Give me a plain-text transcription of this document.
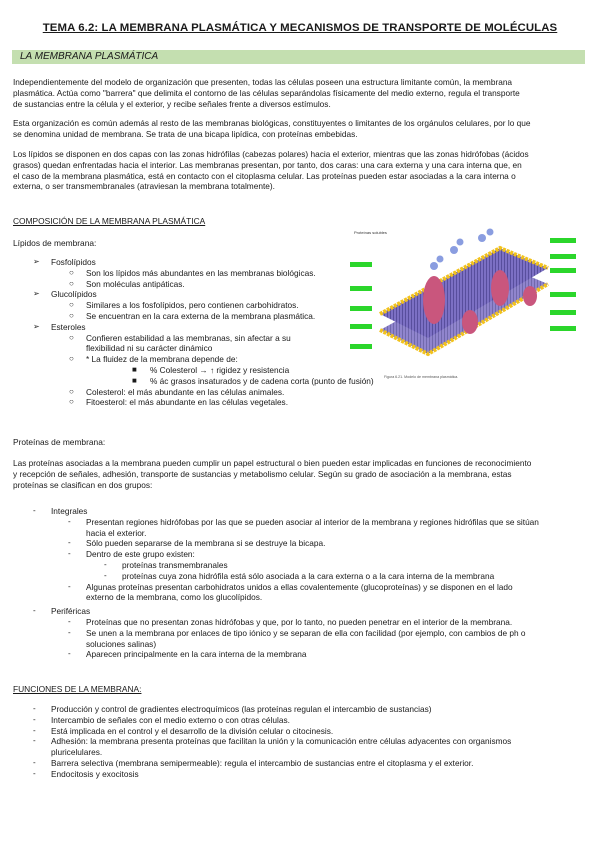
TEMA 6.2: LA MEMBRANA PLASMÁTICA Y MECANISMOS DE TRANSPORTE DE MOLÉCULAS
LA MEMBRANA PLASMÁTICA
Independientemente del modelo de organización que presenten, todas las células poseen una estructura limitante común, la membrana
plasmática. Actúa como "barrera" que delimita el contorno de las células separándolas físicamente del medio externo, regula el transporte
de sustancias entre la célula y el exterior, y recibe señales frente a diversos estímulos.
Esta organización es común además al resto de las membranas biológicas, constituyentes o limitantes de los orgánulos celulares, por lo que
se denomina unidad de membrana. Se trata de una bicapa lipídica, con proteínas embebidas.
Los lípidos se disponen en dos capas con las zonas hidrófilas (cabezas polares) hacia el exterior, mientras que las zonas hidrófobas (ácidos
grasos) quedan enfrentadas hacia el interior. Las membranas presentan, por tanto, dos caras: una cara externa y una cara interna que, en
el caso de la membrana plasmática, está en contacto con el citoplasma celular. Las proteínas pueden estar asociadas a la cara interna o
externa, o ser transmembranales (atraviesan la membrana totalmente).
COMPOSICIÓN DE LA MEMBRANA PLASMÁTICA
Lípidos de membrana:
➢ Fosfolípidos
○ Son los lípidos más abundantes en las membranas biológicas.
○ Son moléculas antipáticas.
➢ Glucolípidos
○ Similares a los fosfolípidos, pero contienen carbohidratos.
○ Se encuentran en la cara externa de la membrana plasmática.
➢ Esteroles
○ Confieren estabilidad a las membranas, sin afectar a su
flexibilidad ni su carácter dinámico
○ * La fluidez de la membrana depende de:
■ % Colesterol → ↑ rigidez y resistencia
■ % ác grasos insaturados y de cadena corta (punto de fusión)
○ Colesterol: el más abundante en las células animales.
○ Fitoesterol: el más abundante en las células vegetales.
Proteínas de membrana:
Las proteínas asociadas a la membrana pueden cumplir un papel estructural o bien pueden estar implicadas en funciones de reconocimiento
y recepción de señales, adhesión, transporte de sustancias y metabolismo celular. Según su grado de asociación a la membrana, estas
proteínas se clasifican en dos grupos:
- Integrales
- Presentan regiones hidrófobas por las que se pueden asociar al interior de la membrana y regiones hidrófilas que se sitúan
hacia el exterior.
- Sólo pueden separarse de la membrana si se destruye la bicapa.
- Dentro de este grupo existen:
- proteínas transmembranales
- proteínas cuya zona hidrófila está sólo asociada a la cara externa o a la cara interna de la membrana
- Algunas proteínas presentan carbohidratos unidos a ellas covalentemente (glucoproteínas) y se disponen en el lado
externo de la membrana, como los glucolípidos.
- Periféricas
- Proteínas que no presentan zonas hidrófobas y que, por lo tanto, no pueden penetrar en el interior de la membrana.
- Se unen a la membrana por enlaces de tipo iónico y se separan de ella con facilidad (por ejemplo, con cambios de ph o
soluciones salinas)
- Aparecen principalmente en la cara interna de la membrana
FUNCIONES DE LA MEMBRANA:
- Producción y control de gradientes electroquímicos (las proteínas regulan el intercambio de sustancias)
- Intercambio de señales con el medio externo o con otras células.
- Está implicada en el control y el desarrollo de la división celular o citocinesis.
- Adhesión: la membrana presenta proteínas que facilitan la unión y la comunicación entre células adyacentes con organismos
pluricelulares.
- Barrera selectiva (membrana semipermeable): regula el intercambio de sustancias entre el citoplasma y el exterior.
- Endocitosis y exocitosis
Proteínas solubles
Figura 6.21. Modelo de membrana plasmática.
